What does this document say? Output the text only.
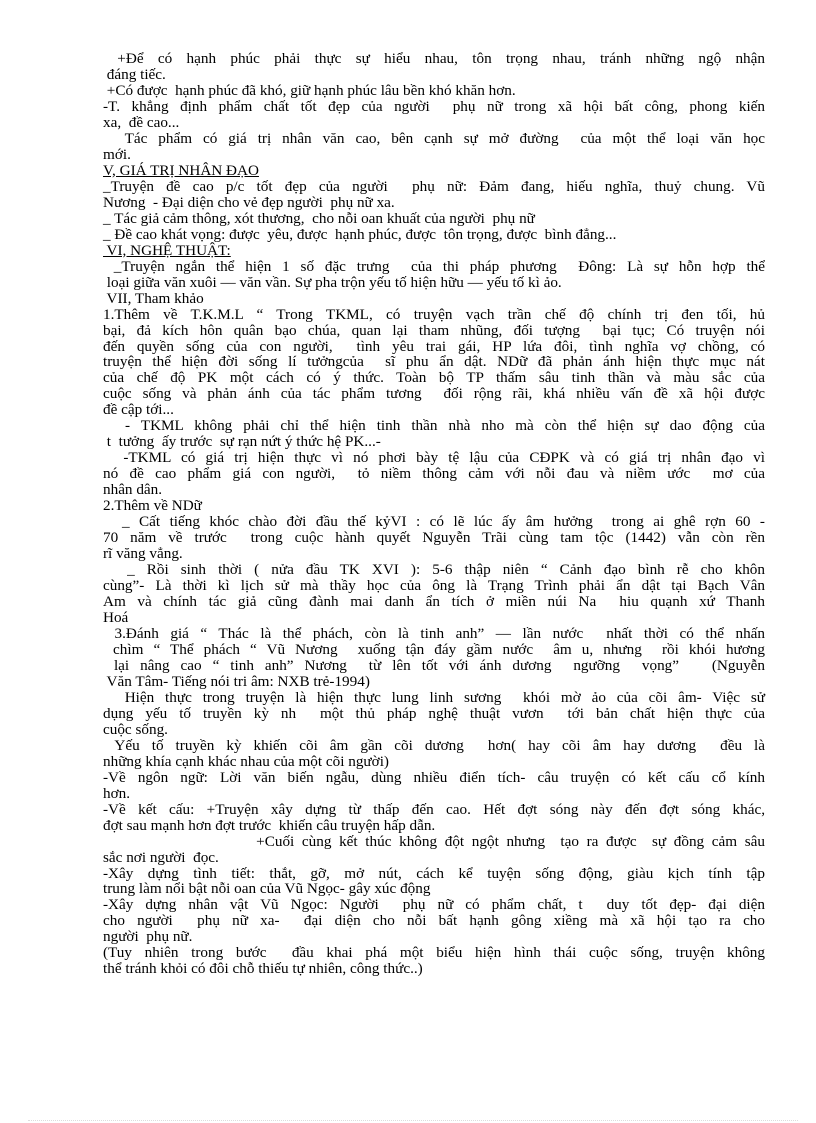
+Để có hạnh phúc phải thực sự hiểu nhau, tôn trọng nhau, tránh những ngộ nhận
đáng tiếc.
+Có được  hạnh phúc đã khó, giữ hạnh phúc lâu bền khó khăn hơn.
-T. khẳng định phẩm chất tốt đẹp của người  phụ nữ trong xã hội bất công, phong kiến
xa,  đề cao...
Tác phẩm có giá trị nhân văn cao, bên cạnh sự mở đường  của một thể loại văn học
mới.
V, GIÁ TRỊ NHÂN ĐẠO
_Truyện đề cao p/c tốt đẹp của người  phụ nữ: Đảm đang, hiếu nghĩa, thuỷ chung. Vũ
Nương  - Đại diện cho vẻ đẹp người  phụ nữ xa.
_ Tác giả cảm thông, xót thương,  cho nỗi oan khuất của người  phụ nữ
_ Đề cao khát vọng: được  yêu, được  hạnh phúc, được  tôn trọng, được  bình đẳng...
VI, NGHỆ THUẬT:
_Truyện ngắn thể hiện 1 số đặc trưng  của thi pháp phương  Đông: Là sự hỗn hợp thể
loại giữa văn xuôi — văn vần. Sự pha trộn yếu tố hiện hữu — yếu tố kì ảo.
VII, Tham khảo
1.Thêm về T.K.M.L “ Trong TKML, có truyện vạch trần chế độ chính trị đen tối, hủ
bại, đả kích hôn quân bạo chúa, quan lại tham nhũng, đối tượng  bại tục; Có truyện nói
đến quyền sống của con người,  tình yêu trai gái, HP lứa đôi, tình nghĩa vợ chồng, có
truyện thể hiện đời sống lí tưởngcủa  sĩ phu ẩn dật. NDữ đã phản ánh hiện thực mục nát
của chế độ PK một cách có ý thức. Toàn bộ TP thấm sâu tinh thần và màu sắc của
cuộc sống và phản ánh của tác phẩm tương  đối rộng rãi, khá nhiều vấn đề xã hội được
đề cập tới...
- TKML không phải chỉ thể hiện tinh thần nhà nho mà còn thể hiện sự dao động của
t  tưởng  ấy trước  sự rạn nứt ý thức hệ PK...-
-TKML có giá trị hiện thực vì nó phơi bày tệ lậu của CĐPK và có giá trị nhân đạo vì
nó đề cao phẩm giá con người,  tỏ niềm thông cảm với nỗi đau và niềm ước  mơ của
nhân dân.
2.Thêm về NDữ
_ Cất tiếng khóc chào đời đầu thế kỷVI : có lẽ lúc ấy âm hưởng  trong ai ghê rợn 60 -
70 năm về trước  trong cuộc hành quyết Nguyễn Trãi cùng tam tộc (1442) vẫn còn rền
rĩ văng vẳng.
_ Rồi sinh thời ( nửa đầu TK XVI ): 5-6 thập niên “ Cảnh đạo bình rễ cho khôn
cùng”- Là thời kì lịch sử mà thầy học của ông là Trạng Trình phải ẩn dật tại Bạch Vân
Am và chính tác giả cũng đành mai danh ẩn tích ở miền núi Na  hiu quạnh xứ Thanh
Hoá
3.Đánh giá “ Thác là thể phách, còn là tinh anh” — lần nước  nhất thời có thể nhấn
chìm “ Thể phách “ Vũ Nương  xuống tận đáy gầm nước  âm u, nhưng  rồi khói hương
lại nâng cao “ tinh anh” Nương  từ lên tốt với ánh dương  ngưỡng  vọng”   (Nguyễn
Văn Tâm- Tiếng nói tri âm: NXB trẻ-1994)
Hiện thực trong truyện là hiện thực lung linh sương  khói mờ ảo của cõi âm- Việc sử
dụng yếu tố truyền kỳ nh  một thủ pháp nghệ thuật vươn  tới bản chất hiện thực của
cuộc sống.
Yếu tố truyền kỳ khiến cõi âm gần cõi dương  hơn( hay cõi âm hay dương  đều là
những khía cạnh khác nhau của một cõi người)
-Về ngôn ngữ: Lời văn biến ngẫu, dùng nhiều điển tích- câu truyện có kết cấu cổ kính
hơn.
-Về kết cấu: +Truyện xây dựng từ thấp đến cao. Hết đợt sóng này đến đợt sóng khác,
đợt sau mạnh hơn đợt trước  khiến câu truyện hấp dẫn.
+Cuối cùng kết thúc không đột ngột nhưng  tạo ra được  sự đồng cảm sâu
sắc nơi người  đọc.
-Xây dựng tình tiết: thắt, gỡ, mở nút, cách kể tuyện sống động, giàu kịch tính tập
trung làm nổi bật nỗi oan của Vũ Ngọc- gây xúc động
-Xây dựng nhân vật Vũ Ngọc: Người  phụ nữ có phẩm chất, t  duy tốt đẹp- đại diện
cho người  phụ nữ xa-  đại diện cho nỗi bất hạnh gông xiềng mà xã hội tạo ra cho
người  phụ nữ.
(Tuy nhiên trong bước  đầu khai phá một biểu hiện hình thái cuộc sống, truyện không
thể tránh khỏi có đôi chỗ thiếu tự nhiên, công thức..)
